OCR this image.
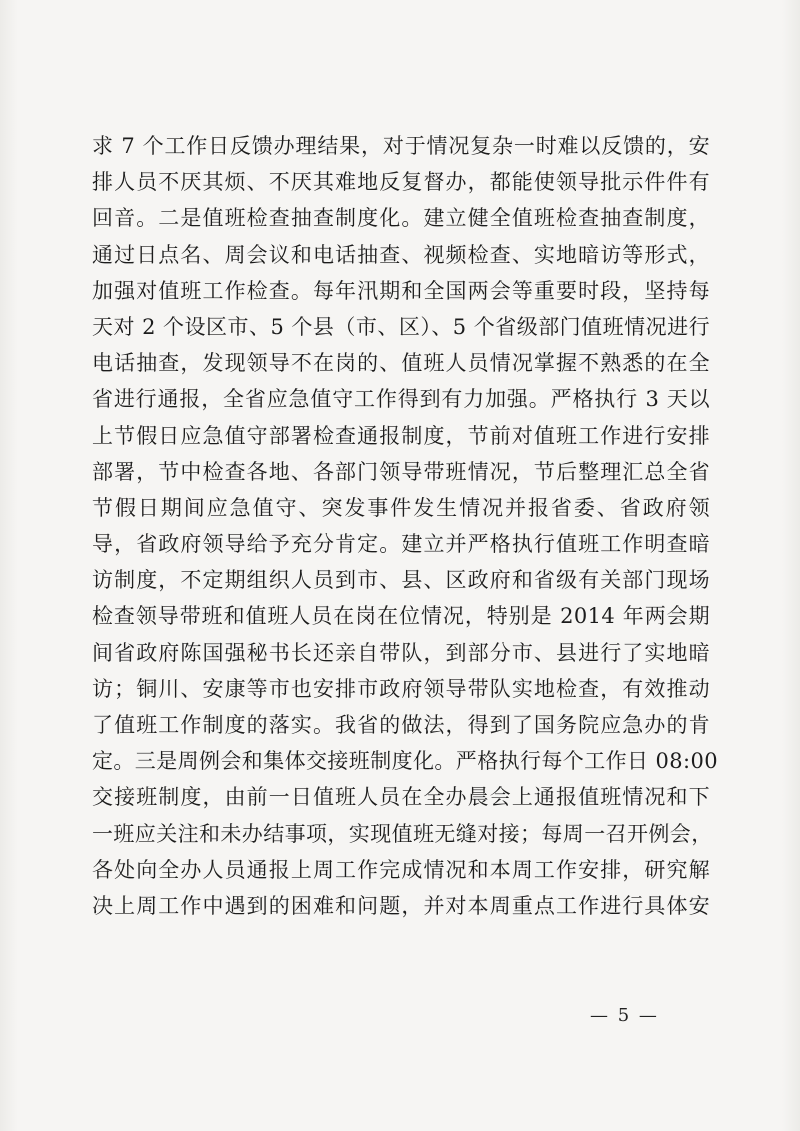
求 7 个工作日反馈办理结果，对于情况复杂一时难以反馈的，安
排人员不厌其烦、不厌其难地反复督办，都能使领导批示件件有
回音。二是值班检查抽查制度化。建立健全值班检查抽查制度，
通过日点名、周会议和电话抽查、视频检查、实地暗访等形式，
加强对值班工作检查。每年汛期和全国两会等重要时段，坚持每
天对 2 个设区市、5 个县（市、区）、5 个省级部门值班情况进行
电话抽查，发现领导不在岗的、值班人员情况掌握不熟悉的在全
省进行通报，全省应急值守工作得到有力加强。严格执行 3 天以
上节假日应急值守部署检查通报制度，节前对值班工作进行安排
部署，节中检查各地、各部门领导带班情况，节后整理汇总全省
节假日期间应急值守、突发事件发生情况并报省委、省政府领
导，省政府领导给予充分肯定。建立并严格执行值班工作明查暗
访制度，不定期组织人员到市、县、区政府和省级有关部门现场
检查领导带班和值班人员在岗在位情况，特别是 2014 年两会期
间省政府陈国强秘书长还亲自带队，到部分市、县进行了实地暗
访；铜川、安康等市也安排市政府领导带队实地检查，有效推动
了值班工作制度的落实。我省的做法，得到了国务院应急办的肯
定。三是周例会和集体交接班制度化。严格执行每个工作日 08:00
交接班制度，由前一日值班人员在全办晨会上通报值班情况和下
一班应关注和未办结事项，实现值班无缝对接；每周一召开例会，
各处向全办人员通报上周工作完成情况和本周工作安排，研究解
决上周工作中遇到的困难和问题，并对本周重点工作进行具体安
— 5 —
